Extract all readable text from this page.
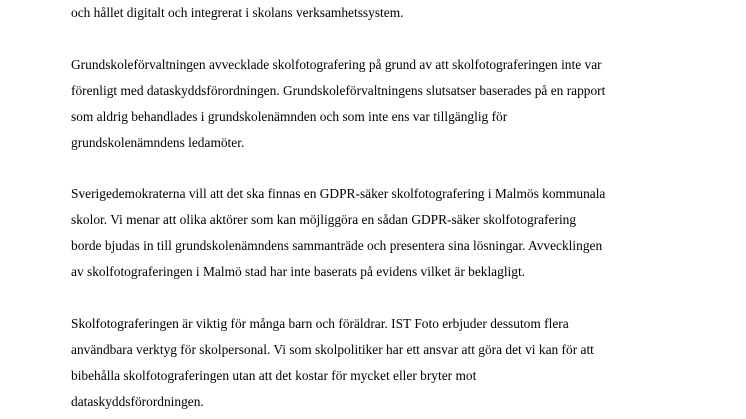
och hållet digitalt och integrerat i skolans verksamhetssystem.
Grundskoleförvaltningen avvecklade skolfotografering på grund av att skolfotograferingen inte var
förenligt med dataskyddsförordningen. Grundskoleförvaltningens slutsatser baserades på en rapport
som aldrig behandlades i grundskolenämnden och som inte ens var tillgänglig för
grundskolenämndens ledamöter.
Sverigedemokraterna vill att det ska finnas en GDPR-säker skolfotografering i Malmös kommunala
skolor. Vi menar att olika aktörer som kan möjliggöra en sådan GDPR-säker skolfotografering
borde bjudas in till grundskolenämndens sammanträde och presentera sina lösningar. Avvecklingen
av skolfotograferingen i Malmö stad har inte baserats på evidens vilket är beklagligt.
Skolfotograferingen är viktig för många barn och föräldrar. IST Foto erbjuder dessutom flera
användbara verktyg för skolpersonal. Vi som skolpolitiker har ett ansvar att göra det vi kan för att
bibehålla skolfotograferingen utan att det kostar för mycket eller bryter mot
dataskyddsförordningen.
